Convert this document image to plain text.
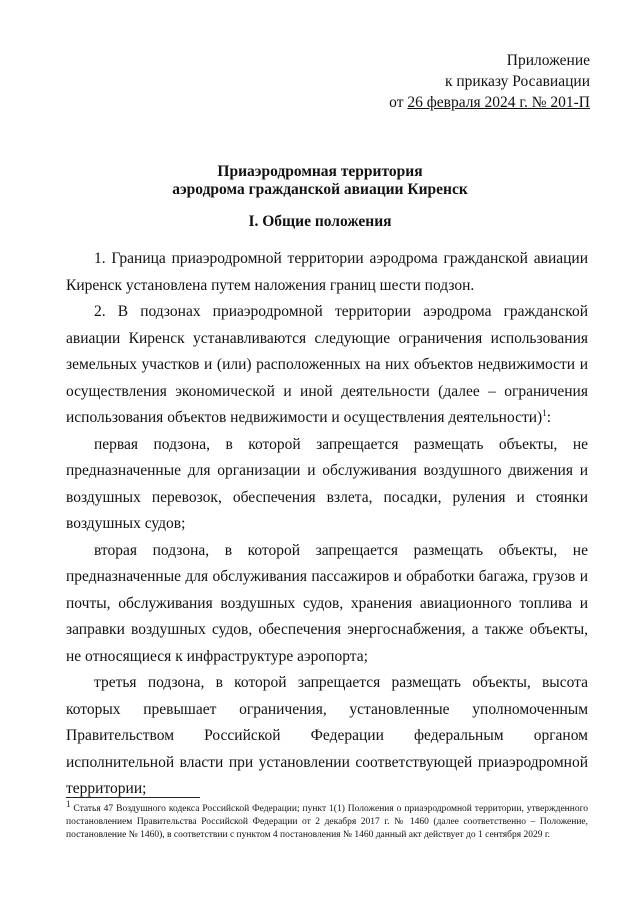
Приложение
к приказу Росавиации
от 26 февраля 2024 г. № 201-П
Приаэродромная территория
аэродрома гражданской авиации Киренск
I. Общие положения

1. Граница приаэродромной территории аэродрома гражданской авиации Киренск установлена путем наложения границ шести подзон.

2. В подзонах приаэродромной территории аэродрома гражданской авиации Киренск устанавливаются следующие ограничения использования земельных участков и (или) расположенных на них объектов недвижимости и осуществления экономической и иной деятельности (далее – ограничения использования объектов недвижимости и осуществления деятельности)$^1$:

первая подзона, в которой запрещается размещать объекты, не предназначенные для организации и обслуживания воздушного движения и воздушных перевозок, обеспечения взлета, посадки, руления и стоянки воздушных судов;

вторая подзона, в которой запрещается размещать объекты, не предназначенные для обслуживания пассажиров и обработки багажа, грузов и почты, обслуживания воздушных судов, хранения авиационного топлива и заправки воздушных судов, обеспечения энергоснабжения, а также объекты, не относящиеся к инфраструктуре аэропорта;

третья подзона, в которой запрещается размещать объекты, высота которых превышает ограничения, установленные уполномоченным Правительством Российской Федерации федеральным органом исполнительной власти при установлении соответствующей приаэродромной территории;

$^1$ Статья 47 Воздушного кодекса Российской Федерации; пункт 1(1) Положения о приаэродромной территории, утвержденного постановлением Правительства Российской Федерации от 2 декабря 2017 г. № 1460 (далее соответственно – Положение, постановление № 1460), в соответствии с пунктом 4 постановления № 1460 данный акт действует до 1 сентября 2029 г.
